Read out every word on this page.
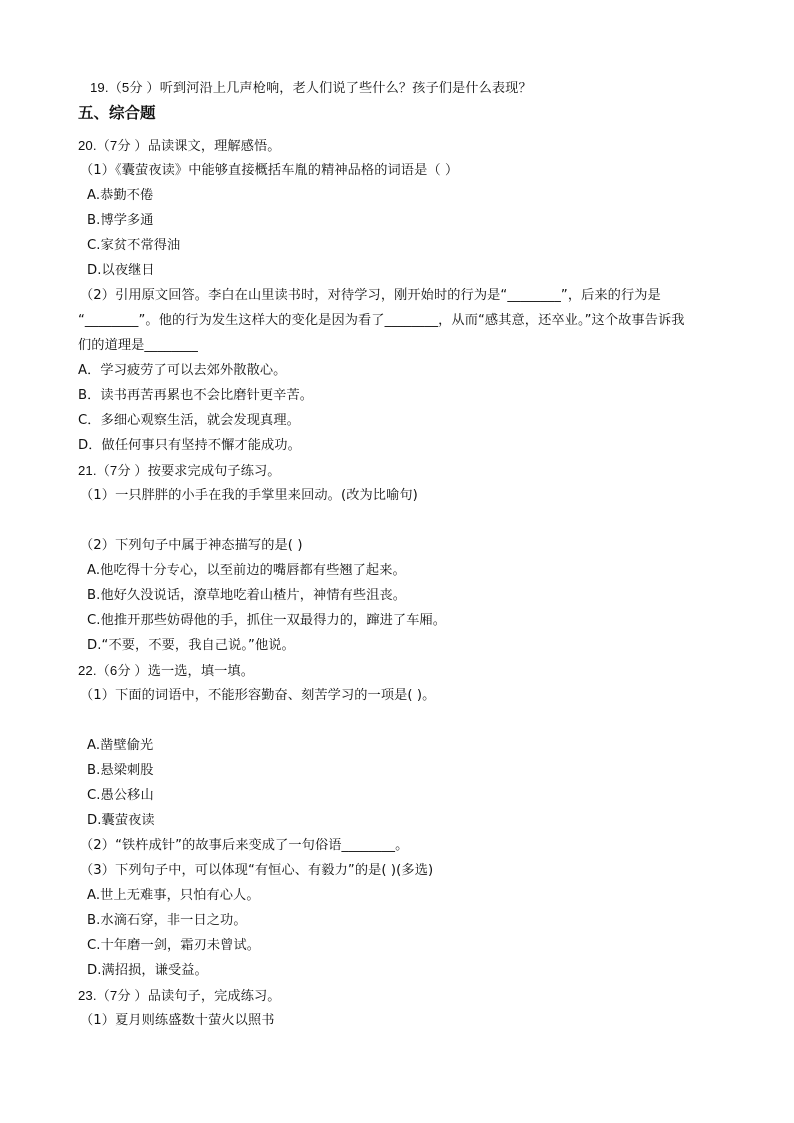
19.（5分 ）听到河沿上几声枪响，老人们说了些什么？孩子们是什么表现？
五、综合题
20.（7分 ）品读课文，理解感悟。
（1）《囊萤夜读》中能够直接概括车胤的精神品格的词语是（ ）
A.恭勤不倦
B.博学多通
C.家贫不常得油
D.以夜继日
（2）引用原文回答。李白在山里读书时，对待学习，刚开始时的行为是“________”，后来的行为是
“________”。他的行为发生这样大的变化是因为看了________，从而“感其意，还卒业。”这个故事告诉我
们的道理是________
A．学习疲劳了可以去郊外散散心。
B．读书再苦再累也不会比磨针更辛苦。
C．多细心观察生活，就会发现真理。
D．做任何事只有坚持不懈才能成功。
21.（7分 ）按要求完成句子练习。
（1）一只胖胖的小手在我的手掌里来回动。(改为比喻句)
（2）下列句子中属于神态描写的是( )
A.他吃得十分专心，以至前边的嘴唇都有些翘了起来。
B.他好久没说话，潦草地吃着山楂片，神情有些沮丧。
C.他推开那些妨碍他的手，抓住一双最得力的，蹿进了车厢。
D.“不要，不要，我自己说。”他说。
22.（6分 ）选一选，填一填。
（1）下面的词语中，不能形容勤奋、刻苦学习的一项是( )。
A.凿壁偷光
B.悬梁刺股
C.愚公移山
D.囊萤夜读
（2）“铁杵成针”的故事后来变成了一句俗语________。
（3）下列句子中，可以体现“有恒心、有毅力”的是( )(多选)
A.世上无难事，只怕有心人。
B.水滴石穿，非一日之功。
C.十年磨一剑，霜刃未曾试。
D.满招损，谦受益。
23.（7分 ）品读句子，完成练习。
（1）夏月则练盛数十萤火以照书
